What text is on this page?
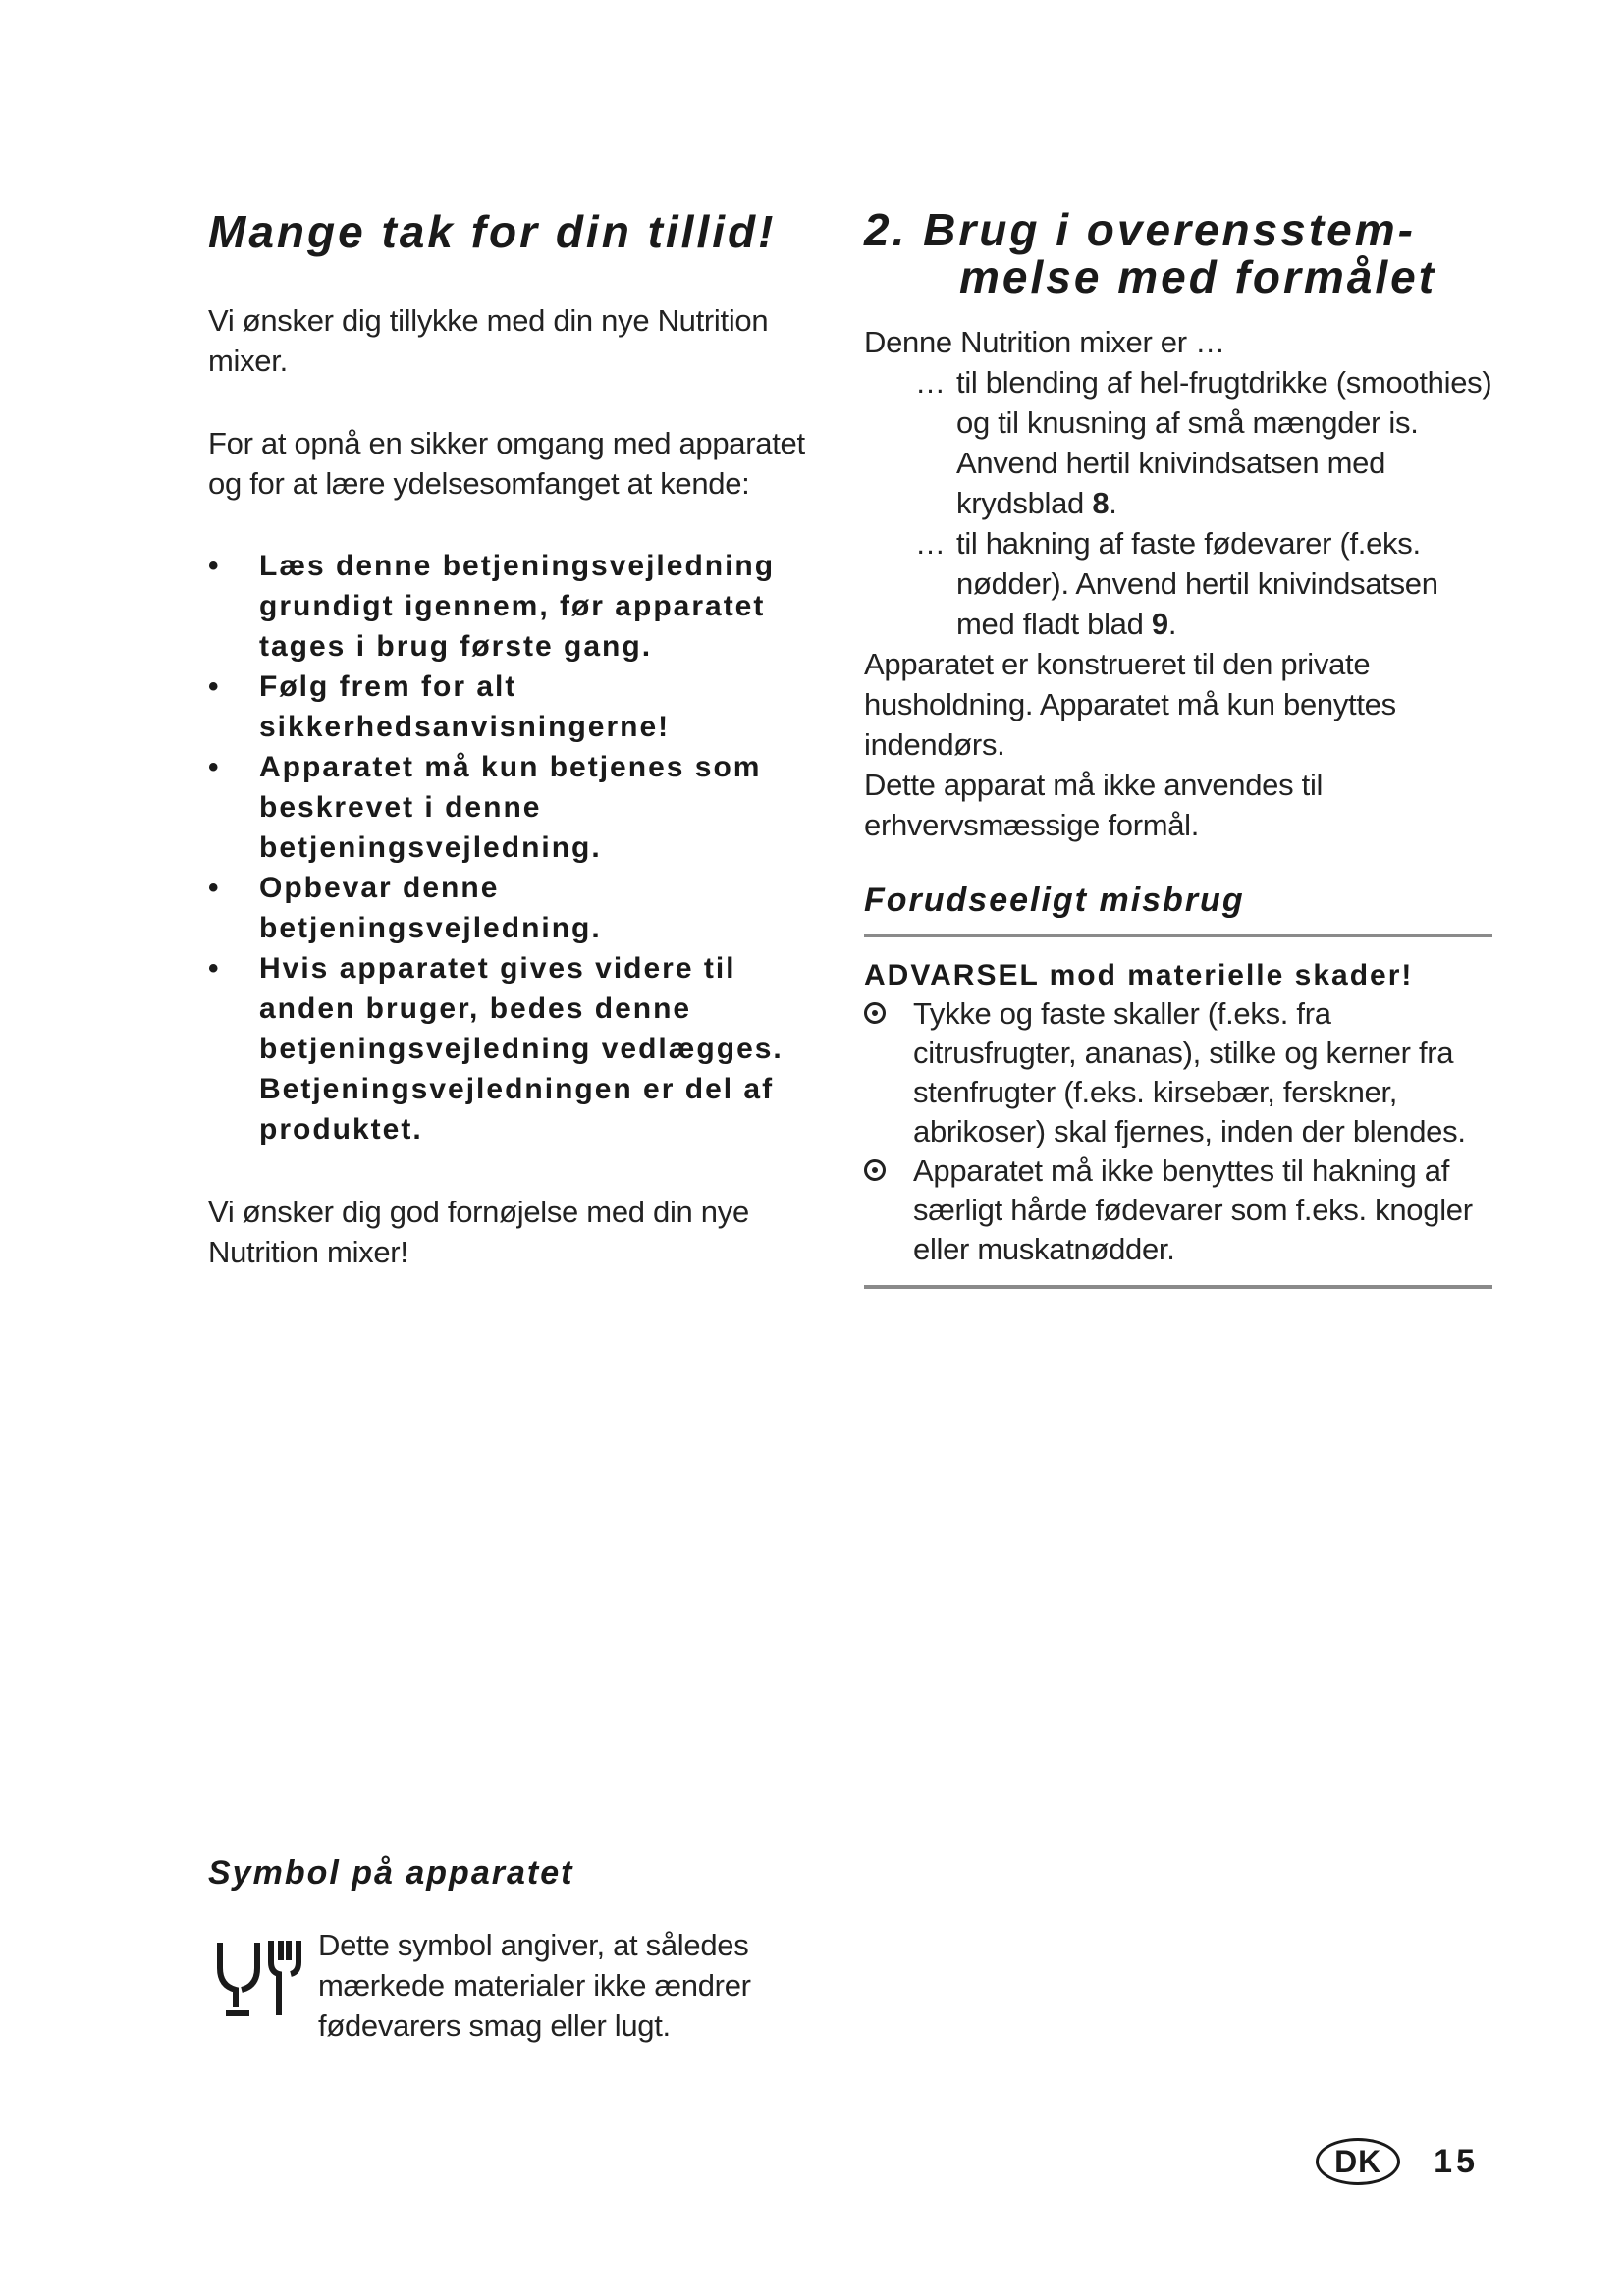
Mange tak for din tillid!

Vi ønsker dig tillykke med din nye Nutrition mixer.

For at opnå en sikker omgang med apparatet og for at lære ydelsesomfanget at kende:

• Læs denne betjeningsvejledning grundigt igennem, før apparatet tages i brug første gang.
• Følg frem for alt sikkerhedsanvisningerne!
• Apparatet må kun betjenes som beskrevet i denne betjeningsvejledning.
• Opbevar denne betjeningsvejledning.
• Hvis apparatet gives videre til anden bruger, bedes denne betjeningsvejledning vedlægges. Betjeningsvejledningen er del af produktet.

Vi ønsker dig god fornøjelse med din nye Nutrition mixer!

2. Brug i overensstem-
melse med formålet

Denne Nutrition mixer er …

… til blending af hel-frugtdrikke (smoothies) og til knusning af små mængder is. Anvend hertil knivindsatsen med krydsblad 8.
… til hakning af faste fødevarer (f.eks. nødder). Anvend hertil knivindsatsen med fladt blad 9.

Apparatet er konstrueret til den private husholdning. Apparatet må kun benyttes indendørs.

Dette apparat må ikke anvendes til erhvervsmæssige formål.

Forudseeligt misbrug
ADVARSEL mod materielle skader!
Tykke og faste skaller (f.eks. fra citrusfrugter, ananas), stilke og kerner fra stenfrugter (f.eks. kirsebær, ferskner, abrikoser) skal fjernes, inden der blendes.
Apparatet må ikke benyttes til hakning af særligt hårde fødevarer som f.eks. knogler eller muskatnødder.
Symbol på apparatet

Dette symbol angiver, at således mærkede materialer ikke ændrer fødevarers smag eller lugt.

DK	15
